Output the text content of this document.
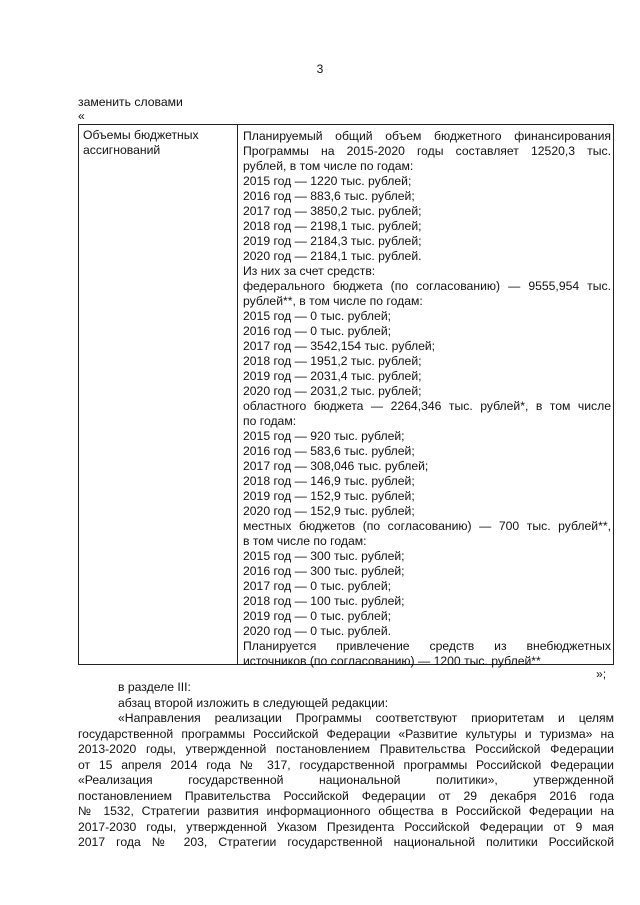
3
заменить словами
«
Объемы бюджетных
ассигнований
Планируемый общий объем бюджетного финансирования
Программы на 2015-2020 годы составляет 12520,3 тыс.
рублей, в том числе по годам:
2015 год — 1220 тыс. рублей;
2016 год — 883,6 тыс. рублей;
2017 год — 3850,2 тыс. рублей;
2018 год — 2198,1 тыс. рублей;
2019 год — 2184,3 тыс. рублей;
2020 год — 2184,1 тыс. рублей.
Из них за счет средств:
федерального бюджета (по согласованию) — 9555,954 тыс.
рублей**, в том числе по годам:
2015 год — 0 тыс. рублей;
2016 год — 0 тыс. рублей;
2017 год — 3542,154 тыс. рублей;
2018 год — 1951,2 тыс. рублей;
2019 год — 2031,4 тыс. рублей;
2020 год — 2031,2 тыс. рублей;
областного бюджета — 2264,346 тыс. рублей*, в том числе
по годам:
2015 год — 920 тыс. рублей;
2016 год — 583,6 тыс. рублей;
2017 год — 308,046 тыс. рублей;
2018 год — 146,9 тыс. рублей;
2019 год — 152,9 тыс. рублей;
2020 год — 152,9 тыс. рублей;
местных бюджетов (по согласованию) — 700 тыс. рублей**,
в том числе по годам:
2015 год — 300 тыс. рублей;
2016 год — 300 тыс. рублей;
2017 год — 0 тыс. рублей;
2018 год — 100 тыс. рублей;
2019 год — 0 тыс. рублей;
2020 год — 0 тыс. рублей.
Планируется привлечение средств из внебюджетных
источников (по согласованию) — 1200 тыс. рублей**
»;
в разделе III:
абзац второй изложить в следующей редакции:
«Направления реализации Программы соответствуют приоритетам и целям
государственной программы Российской Федерации «Развитие культуры и туризма» на
2013-2020 годы, утвержденной постановлением Правительства Российской Федерации
от 15 апреля 2014 года № 317, государственной программы Российской Федерации
«Реализация государственной национальной политики», утвержденной
постановлением Правительства Российской Федерации от 29 декабря 2016 года
№ 1532, Стратегии развития информационного общества в Российской Федерации на
2017-2030 годы, утвержденной Указом Президента Российской Федерации от 9 мая
2017 года № 203, Стратегии государственной национальной политики Российской
